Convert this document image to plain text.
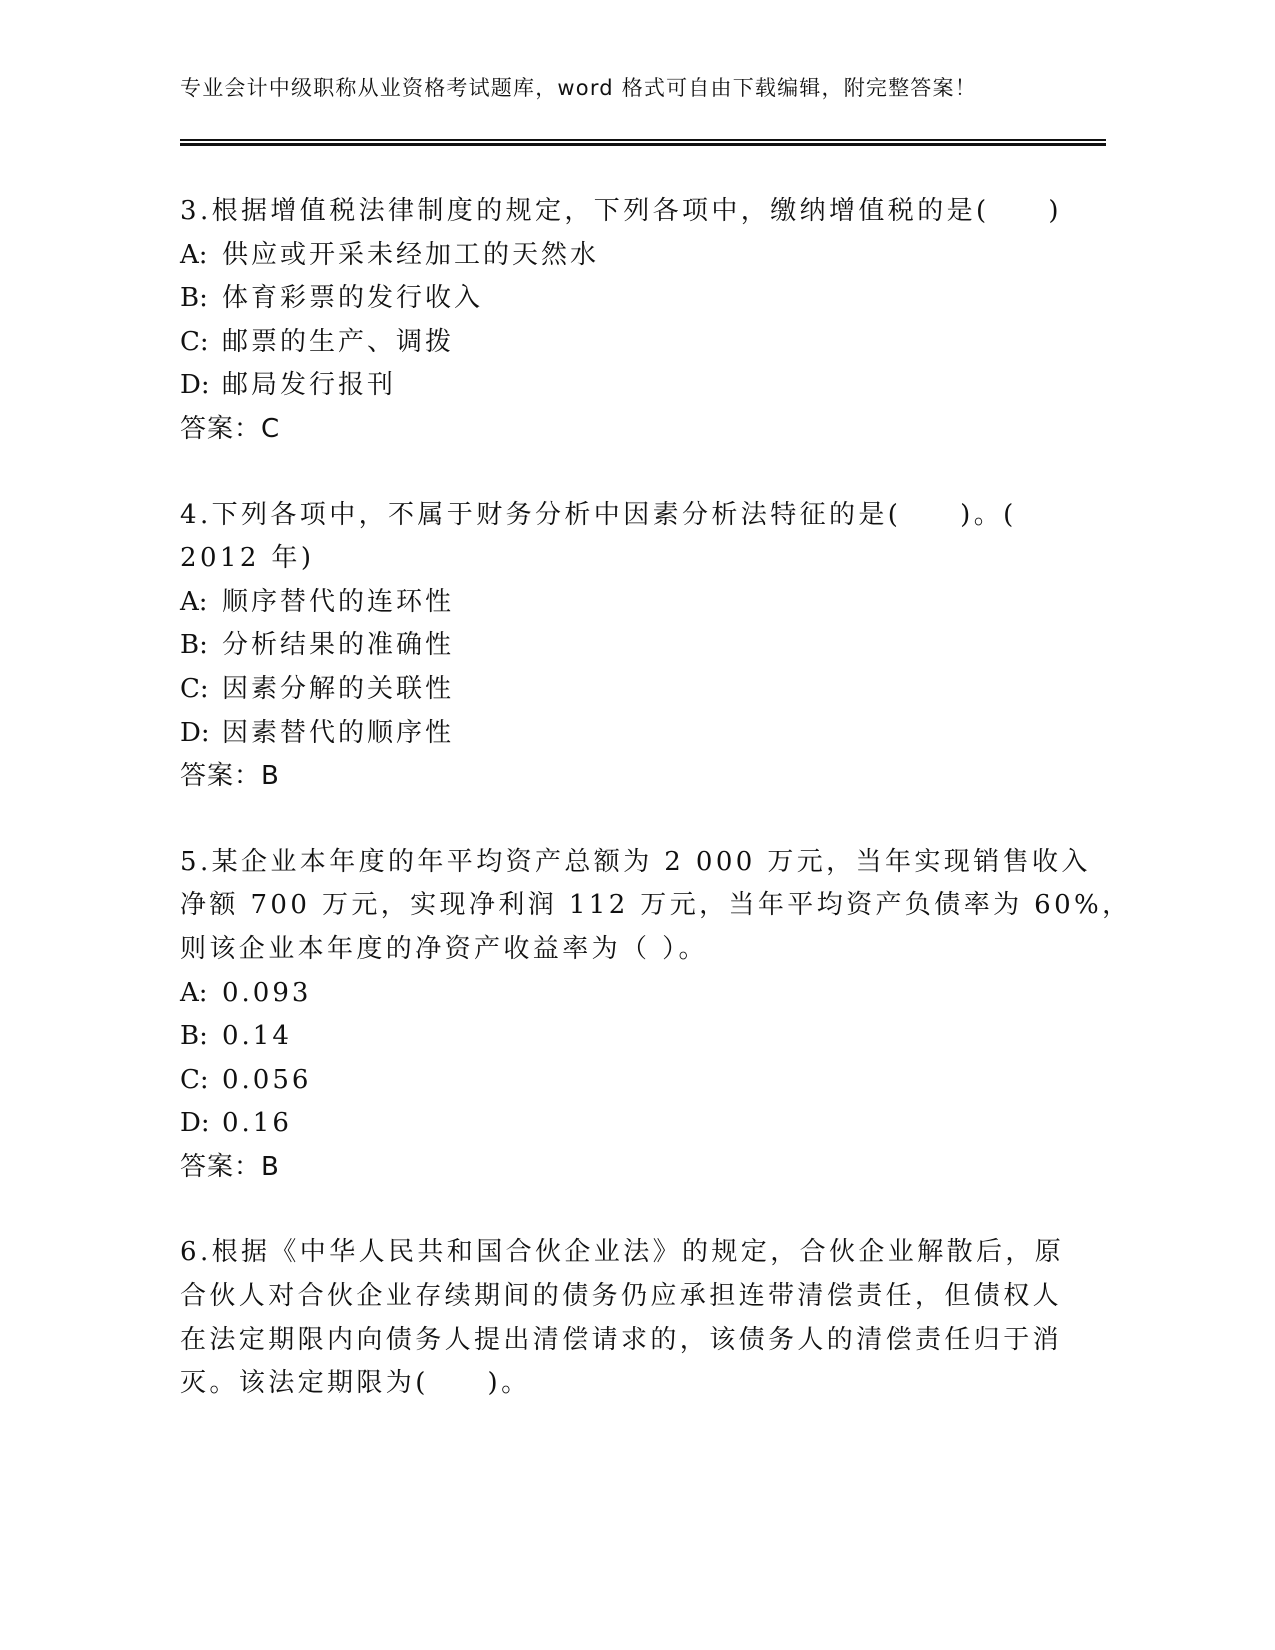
专业会计中级职称从业资格考试题库，word 格式可自由下载编辑，附完整答案！
3.根据增值税法律制度的规定，下列各项中，缴纳增值税的是(　　)
A: 供应或开采未经加工的天然水
B: 体育彩票的发行收入
C: 邮票的生产、调拨
D: 邮局发行报刊
答案：C
4.下列各项中，不属于财务分析中因素分析法特征的是(　　)。(
2012 年)
A: 顺序替代的连环性
B: 分析结果的准确性
C: 因素分解的关联性
D: 因素替代的顺序性
答案：B
5.某企业本年度的年平均资产总额为 2 000 万元，当年实现销售收入
净额 700 万元，实现净利润 112 万元，当年平均资产负债率为 60%，
则该企业本年度的净资产收益率为（ ）。
A: 0.093
B: 0.14
C: 0.056
D: 0.16
答案：B
6.根据《中华人民共和国合伙企业法》的规定，合伙企业解散后，原
合伙人对合伙企业存续期间的债务仍应承担连带清偿责任，但债权人
在法定期限内向债务人提出清偿请求的，该债务人的清偿责任归于消
灭。该法定期限为(　　)。
